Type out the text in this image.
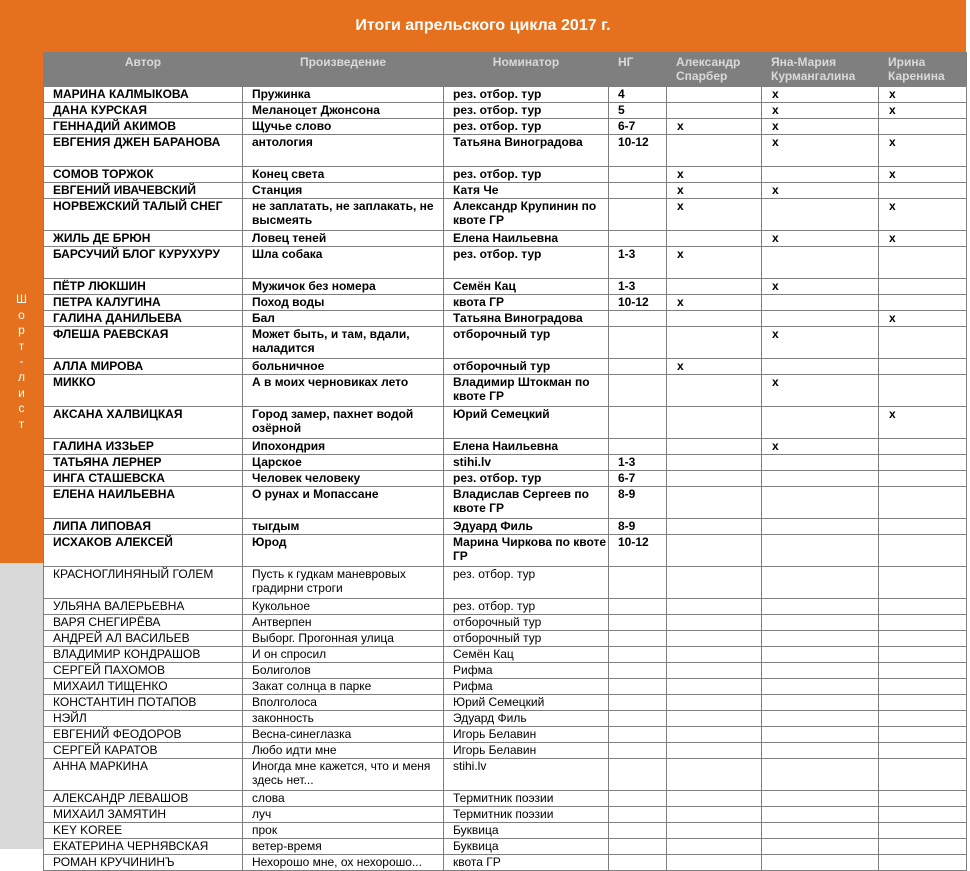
Итоги апрельского цикла 2017 г.
Ш
о
р
т
-
л
и
с
т
Автор	Произведение	Номинатор	НГ	Александр Спарбер	Яна-Мария Курмангалина	Ирина Каренина
МАРИНА КАЛМЫКОВА	Пружинка	рез. отбор. тур	4		x	x
ДАНА КУРСКАЯ	Меланоцет Джонсона	рез. отбор. тур	5		x	x
ГЕННАДИЙ АКИМОВ	Щучье слово	рез. отбор. тур	6-7	x	x	
ЕВГЕНИЯ ДЖЕН БАРАНОВА	антология	Татьяна Виноградова	10-12		x	x
СОМОВ ТОРЖОК	Конец света	рез. отбор. тур		x		x
ЕВГЕНИЙ ИВАЧЕВСКИЙ	Станция	Катя Че		x	x	
НОРВЕЖСКИЙ ТАЛЫЙ СНЕГ	не заплатать, не заплакать, не высмеять	Александр Крупинин по квоте ГР		x		x
ЖИЛЬ ДЕ БРЮН	Ловец теней	Елена Наильевна			x	x
БАРСУЧИЙ БЛОГ КУРУХУРУ	Шла собака	рез. отбор. тур	1-3	x		
ПЁТР ЛЮКШИН	Мужичок без номера	Семён Кац	1-3		x	
ПЕТРА КАЛУГИНА	Поход воды	квота ГР	10-12	x		
ГАЛИНА ДАНИЛЬЕВА	Бал	Татьяна Виноградова				x
ФЛЕША РАЕВСКАЯ	Может быть, и там, вдали, наладится	отборочный тур			x	
АЛЛА МИРОВА	больничное	отборочный тур		x		
МИККО	А в моих черновиках лето	Владимир Штокман по квоте ГР			x	
АКСАНА ХАЛВИЦКАЯ	Город замер, пахнет водой озёрной	Юрий Семецкий				x
ГАЛИНА ИЗЗЬЕР	Ипохондрия	Елена Наильевна			x	
ТАТЬЯНА ЛЕРНЕР	Царское	stihi.lv	1-3			
ИНГА СТАШЕВСКА	Человек человеку	рез. отбор. тур	6-7			
ЕЛЕНА НАИЛЬЕВНА	О рунах и Мопассане	Владислав Сергеев по квоте ГР	8-9			
ЛИПА ЛИПОВАЯ	тыгдым	Эдуард Филь	8-9			
ИСХАКОВ АЛЕКСЕЙ	Юрод	Марина Чиркова по квоте ГР	10-12			
КРАСНОГЛИНЯНЫЙ ГОЛЕМ	Пусть к гудкам маневровых градирни строги	рез. отбор. тур				
УЛЬЯНА ВАЛЕРЬЕВНА	Кукольное	рез. отбор. тур				
ВАРЯ СНЕГИРЁВА	Антверпен	отборочный тур				
АНДРЕЙ АЛ ВАСИЛЬЕВ	Выборг. Прогонная улица	отборочный тур				
ВЛАДИМИР КОНДРАШОВ	И он спросил	Семён Кац				
СЕРГЕЙ ПАХОМОВ	Болиголов	Рифма				
МИХАИЛ ТИЩЕНКО	Закат солнца в парке	Рифма				
КОНСТАНТИН ПОТАПОВ	Вполголоса	Юрий Семецкий				
НЭЙЛ	законность	Эдуард Филь				
ЕВГЕНИЙ ФЕОДОРОВ	Весна-синеглазка	Игорь Белавин				
СЕРГЕЙ КАРАТОВ	Любо идти мне	Игорь Белавин				
АННА МАРКИНА	Иногда мне кажется, что и меня здесь нет...	stihi.lv				
АЛЕКСАНДР ЛЕВАШОВ	слова	Термитник поэзии				
МИХАИЛ ЗАМЯТИН	луч	Термитник поэзии				
KEY KOREE	прок	Буквица				
ЕКАТЕРИНА ЧЕРНЯВСКАЯ	ветер-время	Буквица				
РОМАН КРУЧИНИНЪ	Нехорошо мне, ох нехорошо...	квота ГР				
